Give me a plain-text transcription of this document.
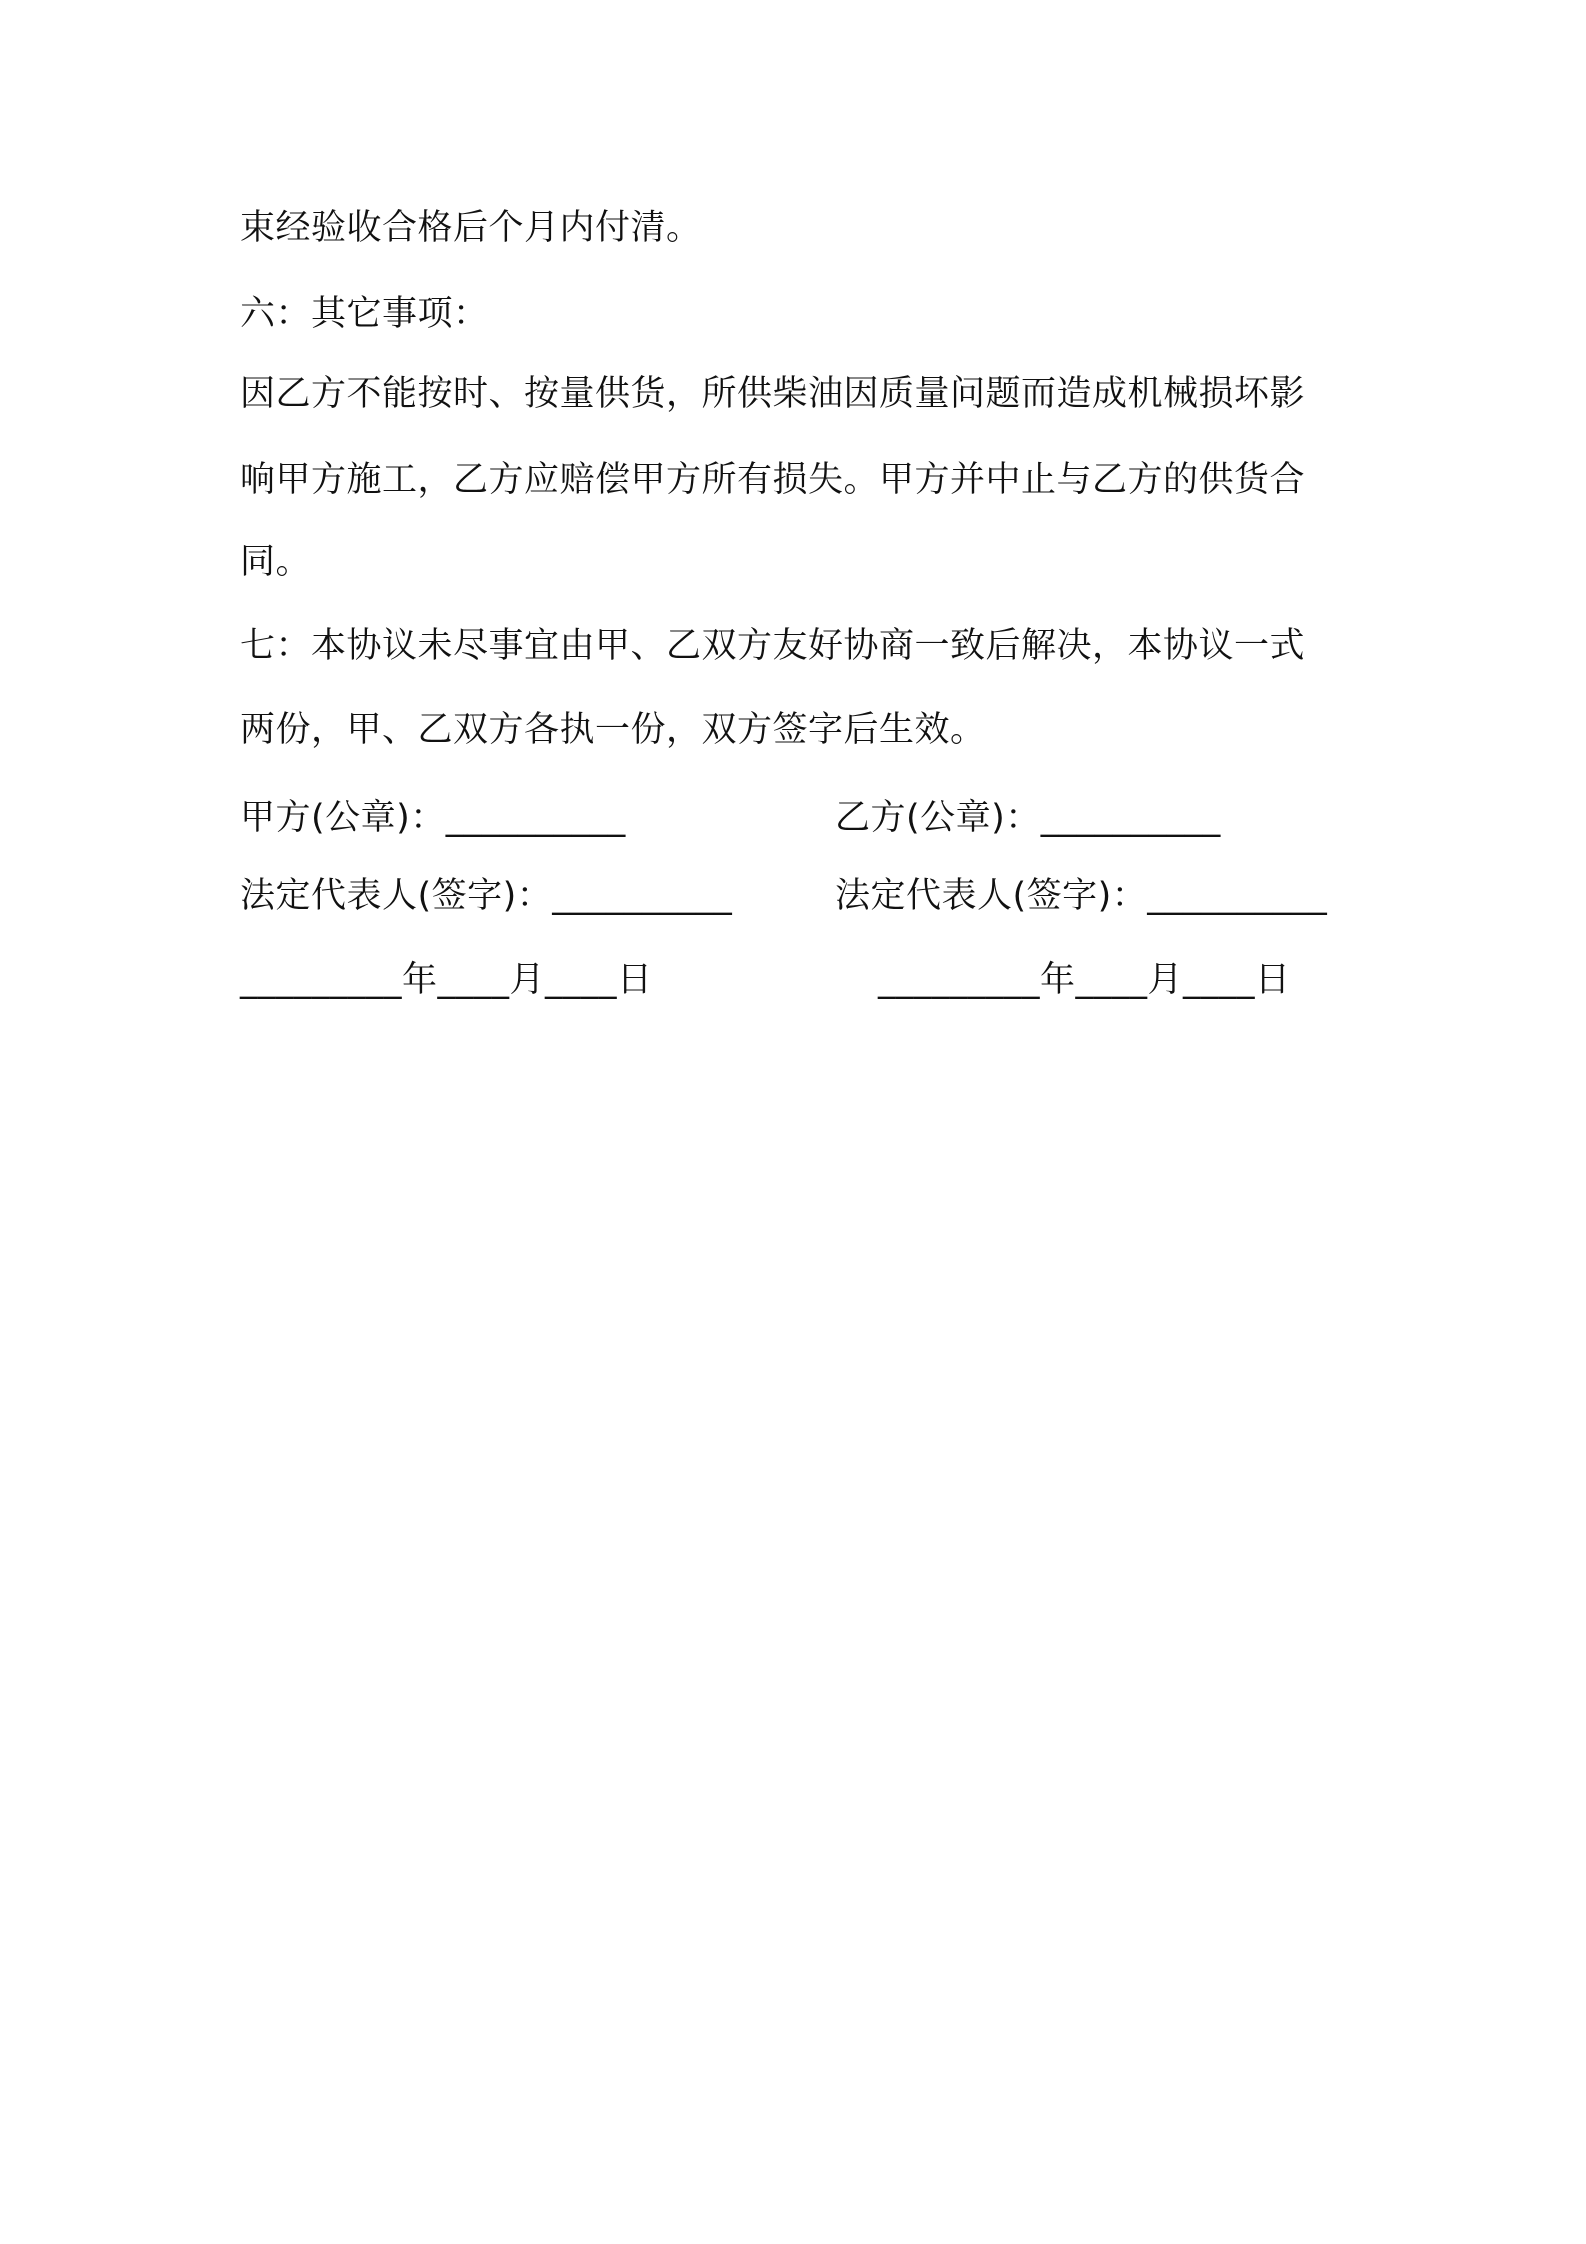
束经验收合格后个月内付清。
六：其它事项：
因乙方不能按时、按量供货，所供柴油因质量问题而造成机械损坏影
响甲方施工，乙方应赔偿甲方所有损失。甲方并中止与乙方的供货合
同。
七：本协议未尽事宜由甲、乙双方友好协商一致后解决，本协议一式
两份，甲、乙双方各执一份，双方签字后生效。
甲方(公章)：__________	乙方(公章)：__________
法定代表人(签字)：__________	法定代表人(签字)：__________
_________年____月____日	_________年____月____日
